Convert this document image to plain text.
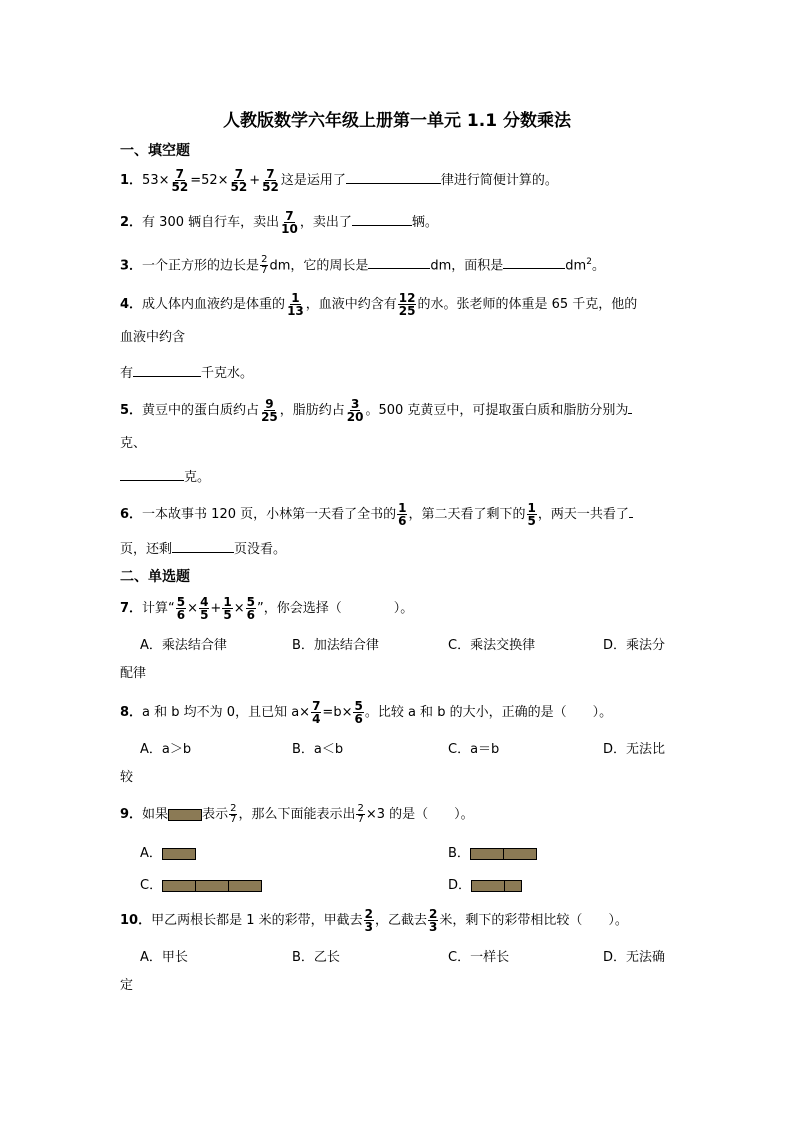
人教版数学六年级上册第一单元 1.1 分数乘法
一、填空题
1．$53\times \frac{7}{52} =52\times \frac{7}{52} + \frac{7}{52}$ 这是运用了	律进行简便计算的。
2．有 300 辆自行车，卖出 $\frac{7}{10}$ ，卖出了	辆。
3．一个正方形的边长是 $\frac{2}{7}$ dm，它的周长是	dm，面积是	$dm^2$。
4．成人体内血液约是体重的 $\frac{1}{13}$ ，血液中约含有 $\frac{12}{25}$ 的水。张老师的体重是 65 千克，他的
血液中约含
有	千克水。
5．黄豆中的蛋白质约占 $\frac{9}{25}$ ，脂肪约占 $\frac{3}{20}$ 。500 克黄豆中，可提取蛋白质和脂肪分别为
克、
克。
6．一本故事书 120 页，小林第一天看了全书的 $\frac{1}{6}$ ，第二天看了剩下的 $\frac{1}{5}$ ，两天一共看了
页，还剩	页没看。
二、单选题
7．计算“ $\frac{5}{6} \times \frac{4}{5} + \frac{1}{5} \times \frac{5}{6}$ ”，你会选择（　　　　）。
A．乘法结合律	B．加法结合律	C．乘法交换律	D．乘法分
配律
8．a 和 b 均不为 0，且已知 $a\times \frac{7}{4} =b\times \frac{5}{6}$ 。比较 a 和 b 的大小，正确的是（　　）。
A．a＞b	B．a＜b	C．a＝b	D．无法比
较
9．如果	表示 $\frac{2}{7}$ ，那么下面能表示出 $\frac{2}{7} \times 3$ 的是（　　）。
A．	B．
C．	D．
10．甲乙两根长都是 1 米的彩带，甲截去 $\frac{2}{3}$ ，乙截去 $\frac{2}{3}$ 米，剩下的彩带相比较（　　）。
A．甲长	B．乙长	C．一样长	D．无法确
定
